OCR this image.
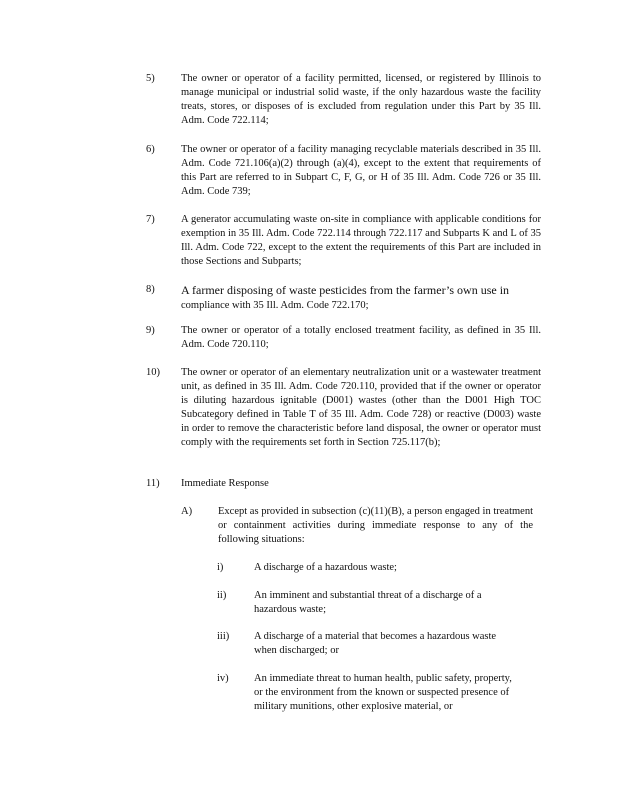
5)	The owner or operator of a facility permitted, licensed, or registered by Illinois to manage municipal or industrial solid waste, if the only hazardous waste the facility treats, stores, or disposes of is excluded from regulation under this Part by 35 Ill. Adm. Code 722.114;
6)	The owner or operator of a facility managing recyclable materials described in 35 Ill. Adm. Code 721.106(a)(2) through (a)(4), except to the extent that requirements of this Part are referred to in Subpart C, F, G, or H of 35 Ill. Adm. Code 726 or 35 Ill. Adm. Code 739;
7)	A generator accumulating waste on-site in compliance with applicable conditions for exemption in 35 Ill. Adm. Code 722.114 through 722.117 and Subparts K and L of 35 Ill. Adm. Code 722, except to the extent the requirements of this Part are included in those Sections and Subparts;
8)	A farmer disposing of waste pesticides from the farmer’s own use in
compliance with 35 Ill. Adm. Code 722.170;
9)	The owner or operator of a totally enclosed treatment facility, as defined in 35 Ill. Adm. Code 720.110;
10)	The owner or operator of an elementary neutralization unit or a wastewater treatment unit, as defined in 35 Ill. Adm. Code 720.110, provided that if the owner or operator is diluting hazardous ignitable (D001) wastes (other than the D001 High TOC Subcategory defined in Table T of 35 Ill. Adm. Code 728) or reactive (D003) waste in order to remove the characteristic before land disposal, the owner or operator must comply with the requirements set forth in Section 725.117(b);
11)	Immediate Response
A)	Except as provided in subsection (c)(11)(B), a person engaged in treatment or containment activities during immediate response to any of the following situations:
i)	A discharge of a hazardous waste;
ii)	An imminent and substantial threat of a discharge of a hazardous waste;
iii)	A discharge of a material that becomes a hazardous waste when discharged; or
iv)	An immediate threat to human health, public safety, property, or the environment from the known or suspected presence of military munitions, other explosive material, or
